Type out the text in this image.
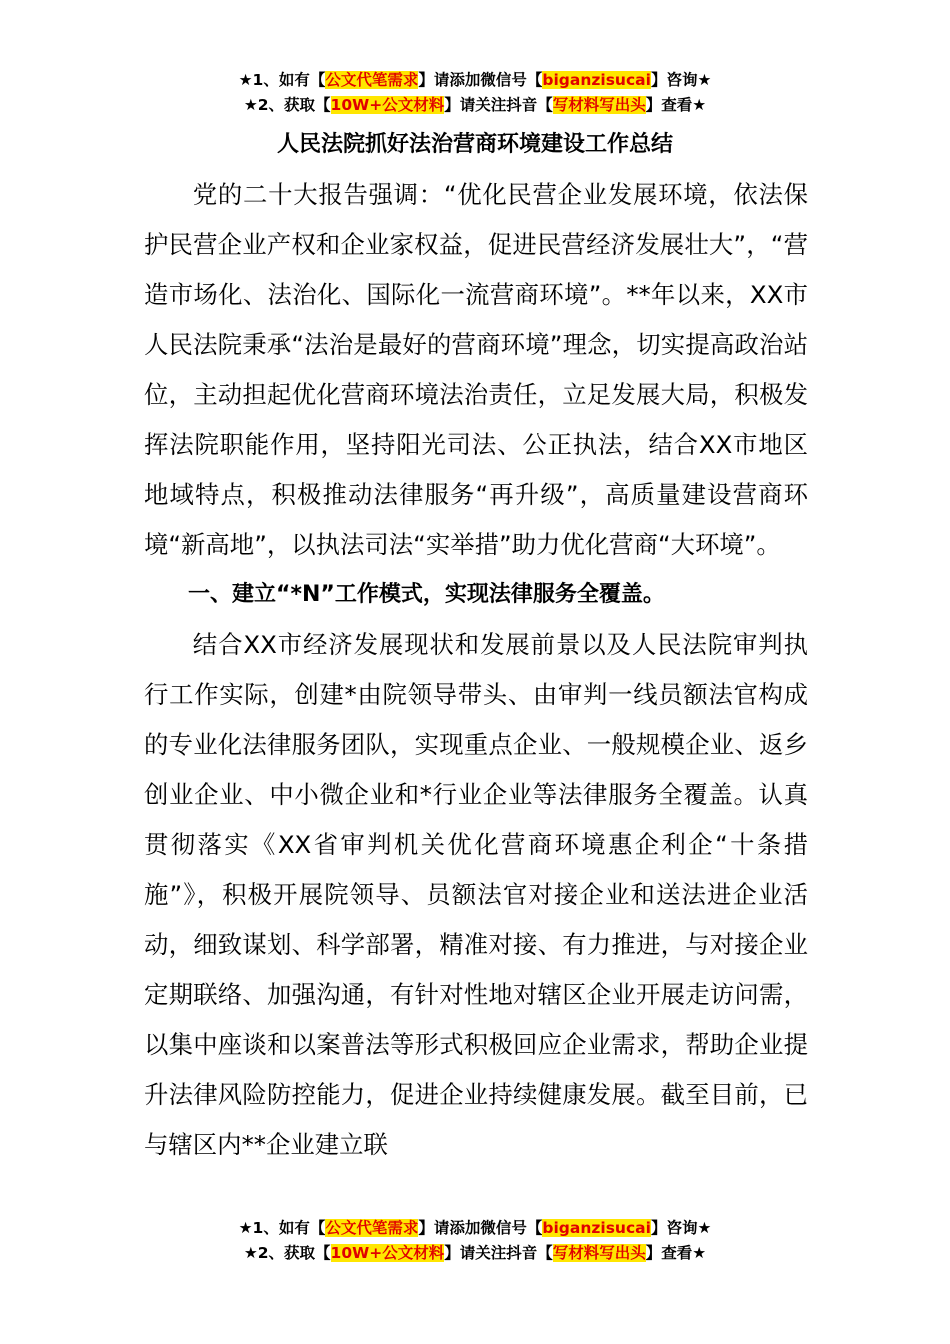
★1、如有【公文代笔需求】请添加微信号【biganzisucai】咨询★
★2、获取【10W+公文材料】请关注抖音【写材料写出头】查看★
人民法院抓好法治营商环境建设工作总结

党的二十大报告强调：“优化民营企业发展环境，依法保护民营企业产权和企业家权益，促进民营经济发展壮大”，“营造市场化、法治化、国际化一流营商环境”。**年以来，XX市人民法院秉承“法治是最好的营商环境”理念，切实提高政治站位，主动担起优化营商环境法治责任，立足发展大局，积极发挥法院职能作用，坚持阳光司法、公正执法，结合XX市地区地域特点，积极推动法律服务“再升级”，高质量建设营商环境“新高地”，以执法司法“实举措”助力优化营商“大环境”。

一、建立“*N”工作模式，实现法律服务全覆盖。

结合XX市经济发展现状和发展前景以及人民法院审判执行工作实际，创建*由院领导带头、由审判一线员额法官构成的专业化法律服务团队，实现重点企业、一般规模企业、返乡创业企业、中小微企业和*行业企业等法律服务全覆盖。认真贯彻落实《XX省审判机关优化营商环境惠企利企“十条措施”》，积极开展院领导、员额法官对接企业和送法进企业活动，细致谋划、科学部署，精准对接、有力推进，与对接企业定期联络、加强沟通，有针对性地对辖区企业开展走访问需，以集中座谈和以案普法等形式积极回应企业需求，帮助企业提升法律风险防控能力，促进企业持续健康发展。截至目前，已与辖区内**企业建立联

★1、如有【公文代笔需求】请添加微信号【biganzisucai】咨询★
★2、获取【10W+公文材料】请关注抖音【写材料写出头】查看★
